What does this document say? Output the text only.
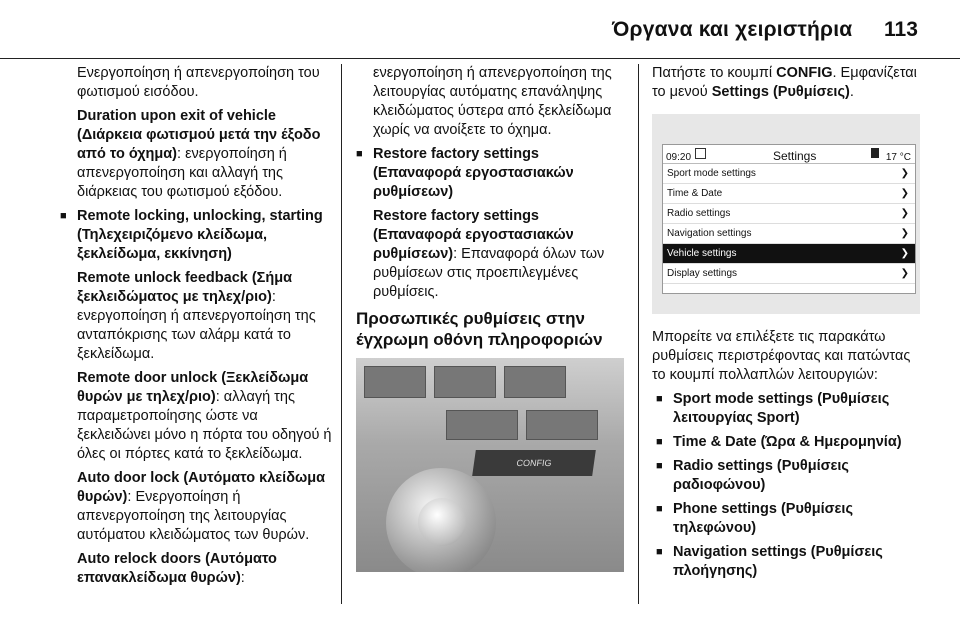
Όργανα και χειριστήρια 113

Ενεργοποίηση ή απενεργοποίηση του φωτισμού εισόδου.

Duration upon exit of vehicle (Διάρκεια φωτισμού μετά την έξοδο από το όχημα): ενεργοποίηση ή απενεργοποίηση και αλλαγή της διάρκειας του φωτισμού εξόδου.

■ Remote locking, unlocking, starting (Τηλεχειριζόμενο κλείδωμα, ξεκλείδωμα, εκκίνηση)

Remote unlock feedback (Σήμα ξεκλειδώματος με τηλεχ/ριο): ενεργοποίηση ή απενεργοποίηση της ανταπόκρισης των αλάρμ κατά το ξεκλείδωμα.

Remote door unlock (Ξεκλείδωμα θυρών με τηλεχ/ριο): αλλαγή της παραμετροποίησης ώστε να ξεκλειδώνει μόνο η πόρτα του οδηγού ή όλες οι πόρτες κατά το ξεκλείδωμα.

Auto door lock (Αυτόματο κλείδωμα θυρών): Ενεργοποίηση ή απενεργοποίηση της λειτουργίας αυτόματου κλειδώματος των θυρών.

Auto relock doors (Αυτόματο επανακλείδωμα θυρών):

ενεργοποίηση ή απενεργοποίηση της λειτουργίας αυτόματης επανάληψης κλειδώματος ύστερα από ξεκλείδωμα χωρίς να ανοίξετε το όχημα.

■ Restore factory settings (Επαναφορά εργοστασιακών ρυθμίσεων)

Restore factory settings (Επαναφορά εργοστασιακών ρυθμίσεων): Επαναφορά όλων των ρυθμίσεων στις προεπιλεγμένες ρυθμίσεις.

Προσωπικές ρυθμίσεις στην έγχρωμη οθόνη πληροφοριών
CONFIG

Πατήστε το κουμπί CONFIG. Εμφανίζεται το μενού Settings (Ρυθμίσεις).

09:20	Settings	17 °C
Sport mode settings	❯
Time & Date	❯
Radio settings	❯
Navigation settings	❯
Vehicle settings	❯
Display settings	❯

Μπορείτε να επιλέξετε τις παρακάτω ρυθμίσεις περιστρέφοντας και πατώντας το κουμπί πολλαπλών λειτουργιών:

■ Sport mode settings (Ρυθμίσεις λειτουργίας Sport)

■ Time & Date (Ώρα & Ημερομηνία)

■ Radio settings (Ρυθμίσεις ραδιοφώνου)

■ Phone settings (Ρυθμίσεις τηλεφώνου)

■ Navigation settings (Ρυθμίσεις πλοήγησης)
